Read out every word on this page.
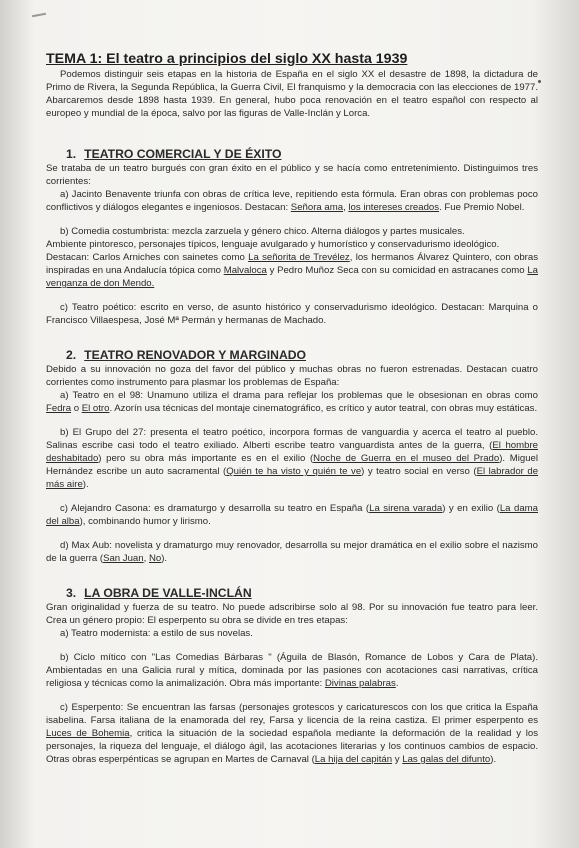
TEMA 1: El teatro a principios del siglo XX hasta 1939

Podemos distinguir seis etapas en la historia de España en el siglo XX el desastre de 1898, la dictadura de Primo de Rivera, la Segunda República, la Guerra Civil, El franquismo y la democracia con las elecciones de 1977. Abarcaremos desde 1898 hasta 1939. En general, hubo poca renovación en el teatro español con respecto al europeo y mundial de la época, salvo por las figuras de Valle-Inclán y Lorca.

1. TEATRO COMERCIAL Y DE ÉXITO

Se trataba de un teatro burgués con gran éxito en el público y se hacía como entretenimiento. Distinguimos tres corrientes:

a) Jacinto Benavente triunfa con obras de crítica leve, repitiendo esta fórmula. Eran obras con problemas poco conflictivos y diálogos elegantes e ingeniosos. Destacan: Señora ama, los intereses creados. Fue Premio Nobel.

b) Comedia costumbrista: mezcla zarzuela y género chico. Alterna diálogos y partes musicales.

Ambiente pintoresco, personajes típicos, lenguaje avulgarado y humorístico y conservadurismo ideológico.

Destacan: Carlos Arniches con sainetes como La señorita de Trevélez, los hermanos Álvarez Quintero, con obras inspiradas en una Andalucía tópica como Malvaloca y Pedro Muñoz Seca con su comicidad en astracanes como La venganza de don Mendo.

c) Teatro poético: escrito en verso, de asunto histórico y conservadurismo ideológico. Destacan: Marquina o Francisco Villaespesa, José Mª Permán y hermanas de Machado.

2. TEATRO RENOVADOR Y MARGINADO

Debido a su innovación no goza del favor del público y muchas obras no fueron estrenadas. Destacan cuatro corrientes como instrumento para plasmar los problemas de España:

a) Teatro en el 98: Unamuno utiliza el drama para reflejar los problemas que le obsesionan en obras como Fedra o El otro. Azorín usa técnicas del montaje cinematográfico, es crítico y autor teatral, con obras muy estáticas.

b) El Grupo del 27: presenta el teatro poético, incorpora formas de vanguardia y acerca el teatro al pueblo. Salinas escribe casi todo el teatro exiliado. Alberti escribe teatro vanguardista antes de la guerra, (El hombre deshabitado) pero su obra más importante es en el exilio (Noche de Guerra en el museo del Prado). Miguel Hernández escribe un auto sacramental (Quién te ha visto y quién te ve) y teatro social en verso (El labrador de más aire).

c) Alejandro Casona: es dramaturgo y desarrolla su teatro en España (La sirena varada) y en exilio (La dama del alba), combinando humor y lirismo.

d) Max Aub: novelista y dramaturgo muy renovador, desarrolla su mejor dramática en el exilio sobre el nazismo de la guerra (San Juan, No).

3. LA OBRA DE VALLE-INCLÁN

Gran originalidad y fuerza de su teatro. No puede adscribirse solo al 98. Por su innovación fue teatro para leer. Crea un género propio: El esperpento su obra se divide en tres etapas:

a) Teatro modernista: a estilo de sus novelas.

b) Ciclo mítico con "Las Comedias Bárbaras " (Águila de Blasón, Romance de Lobos y Cara de Plata). Ambientadas en una Galicia rural y mítica, dominada por las pasiones con acotaciones casi narrativas, crítica religiosa y técnicas como la animalización. Obra más importante: Divinas palabras.

c) Esperpento: Se encuentran las farsas (personajes grotescos y caricaturescos con los que critica la España isabelina. Farsa italiana de la enamorada del rey, Farsa y licencia de la reina castiza. El primer esperpento es Luces de Bohemia, critica la situación de la sociedad española mediante la deformación de la realidad y los personajes, la riqueza del lenguaje, el diálogo ágil, las acotaciones literarias y los continuos cambios de espacio. Otras obras esperpénticas se agrupan en Martes de Carnaval (La hija del capitán y Las galas del difunto).
